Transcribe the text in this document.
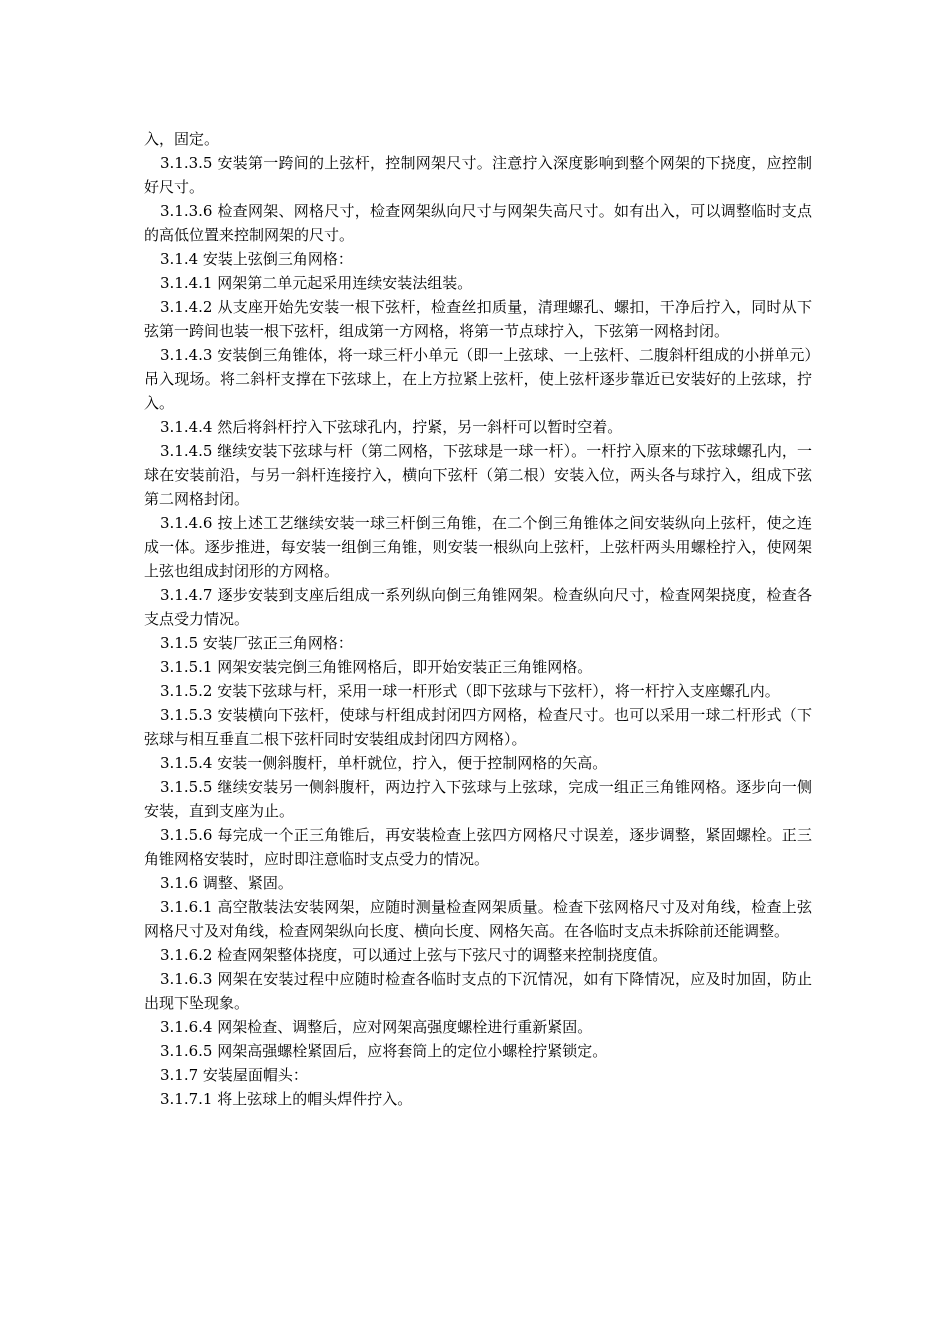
入，固定。

3.1.3.5 安装第一跨间的上弦杆，控制网架尺寸。注意拧入深度影响到整个网架的下挠度，应控制好尺寸。

3.1.3.6 检查网架、网格尺寸，检查网架纵向尺寸与网架失高尺寸。如有出入，可以调整临时支点的高低位置来控制网架的尺寸。

3.1.4 安装上弦倒三角网格：

3.1.4.1 网架第二单元起采用连续安装法组装。

3.1.4.2 从支座开始先安装一根下弦杆，检查丝扣质量，清理螺孔、螺扣，干净后拧入，同时从下弦第一跨间也装一根下弦杆，组成第一方网格，将第一节点球拧入，下弦第一网格封闭。

3.1.4.3 安装倒三角锥体，将一球三杆小单元（即一上弦球、一上弦杆、二腹斜杆组成的小拼单元）吊入现场。将二斜杆支撑在下弦球上，在上方拉紧上弦杆，使上弦杆逐步靠近已安装好的上弦球，拧入。

3.1.4.4 然后将斜杆拧入下弦球孔内，拧紧，另一斜杆可以暂时空着。

3.1.4.5 继续安装下弦球与杆（第二网格，下弦球是一球一杆）。一杆拧入原来的下弦球螺孔内，一球在安装前沿，与另一斜杆连接拧入，横向下弦杆（第二根）安装入位，两头各与球拧入，组成下弦第二网格封闭。

3.1.4.6 按上述工艺继续安装一球三杆倒三角锥，在二个倒三角锥体之间安装纵向上弦杆，使之连成一体。逐步推进，每安装一组倒三角锥，则安装一根纵向上弦杆，上弦杆两头用螺栓拧入，使网架上弦也组成封闭形的方网格。

3.1.4.7 逐步安装到支座后组成一系列纵向倒三角锥网架。检查纵向尺寸，检查网架挠度，检查各支点受力情况。

3.1.5 安装厂弦正三角网格：

3.1.5.1 网架安装完倒三角锥网格后，即开始安装正三角锥网格。

3.1.5.2 安装下弦球与杆，采用一球一杆形式（即下弦球与下弦杆），将一杆拧入支座螺孔内。

3.1.5.3 安装横向下弦杆，使球与杆组成封闭四方网格，检查尺寸。也可以采用一球二杆形式（下弦球与相互垂直二根下弦杆同时安装组成封闭四方网格）。

3.1.5.4 安装一侧斜腹杆，单杆就位，拧入，便于控制网格的矢高。

3.1.5.5 继续安装另一侧斜腹杆，两边拧入下弦球与上弦球，完成一组正三角锥网格。逐步向一侧安装，直到支座为止。

3.1.5.6 每完成一个正三角锥后，再安装检查上弦四方网格尺寸误差，逐步调整，紧固螺栓。正三角锥网格安装时，应时即注意临时支点受力的情况。

3.1.6 调整、紧固。

3.1.6.1 高空散装法安装网架，应随时测量检查网架质量。检查下弦网格尺寸及对角线，检查上弦网格尺寸及对角线，检查网架纵向长度、横向长度、网格矢高。在各临时支点未拆除前还能调整。

3.1.6.2 检查网架整体挠度，可以通过上弦与下弦尺寸的调整来控制挠度值。

3.1.6.3 网架在安装过程中应随时检查各临时支点的下沉情况，如有下降情况，应及时加固，防止出现下坠现象。

3.1.6.4 网架检查、调整后，应对网架高强度螺栓进行重新紧固。

3.1.6.5 网架高强螺栓紧固后，应将套筒上的定位小螺栓拧紧锁定。

3.1.7 安装屋面帽头：

3.1.7.1 将上弦球上的帽头焊件拧入。
